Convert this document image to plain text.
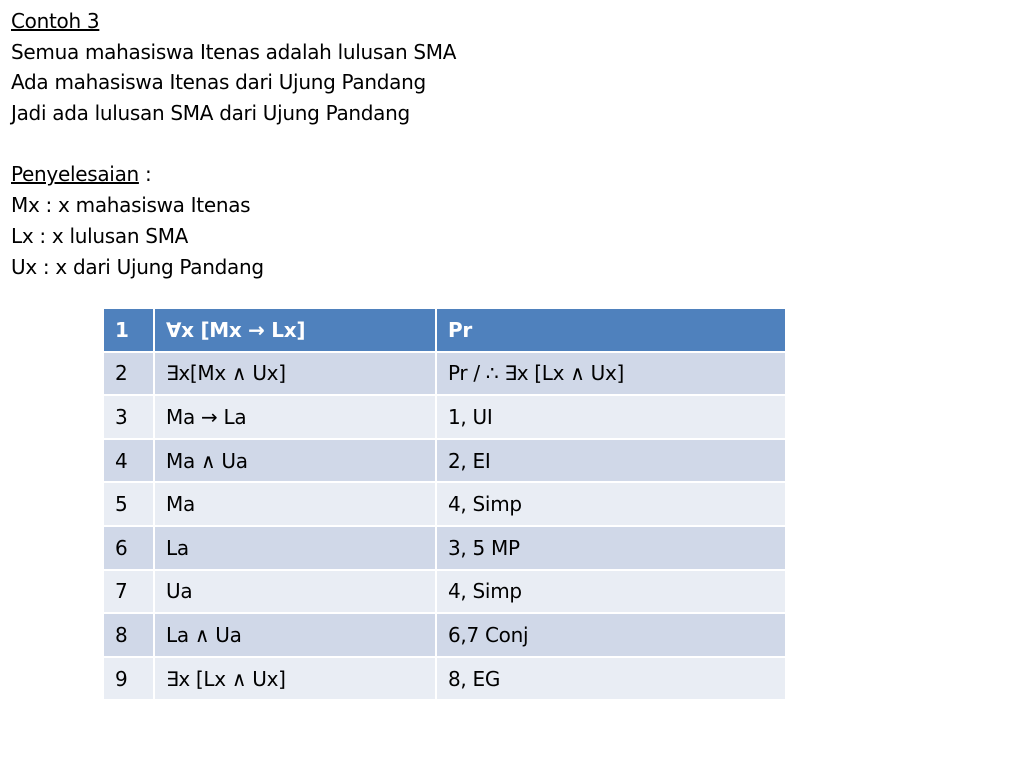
Contoh 3
Semua mahasiswa Itenas adalah lulusan SMA
Ada mahasiswa Itenas dari Ujung Pandang
Jadi ada lulusan SMA dari Ujung Pandang
Penyelesaian :
Mx : x mahasiswa Itenas
Lx : x lulusan SMA
Ux : x dari Ujung Pandang
1	∀x [Mx → Lx]	Pr
2	∃x[Mx ∧ Ux]	Pr / ∴ ∃x [Lx ∧ Ux]
3	Ma → La	1, UI
4	Ma ∧ Ua	2, EI
5	Ma	4, Simp
6	La	3, 5 MP
7	Ua	4, Simp
8	La ∧ Ua	6,7 Conj
9	∃x [Lx ∧ Ux]	8, EG
